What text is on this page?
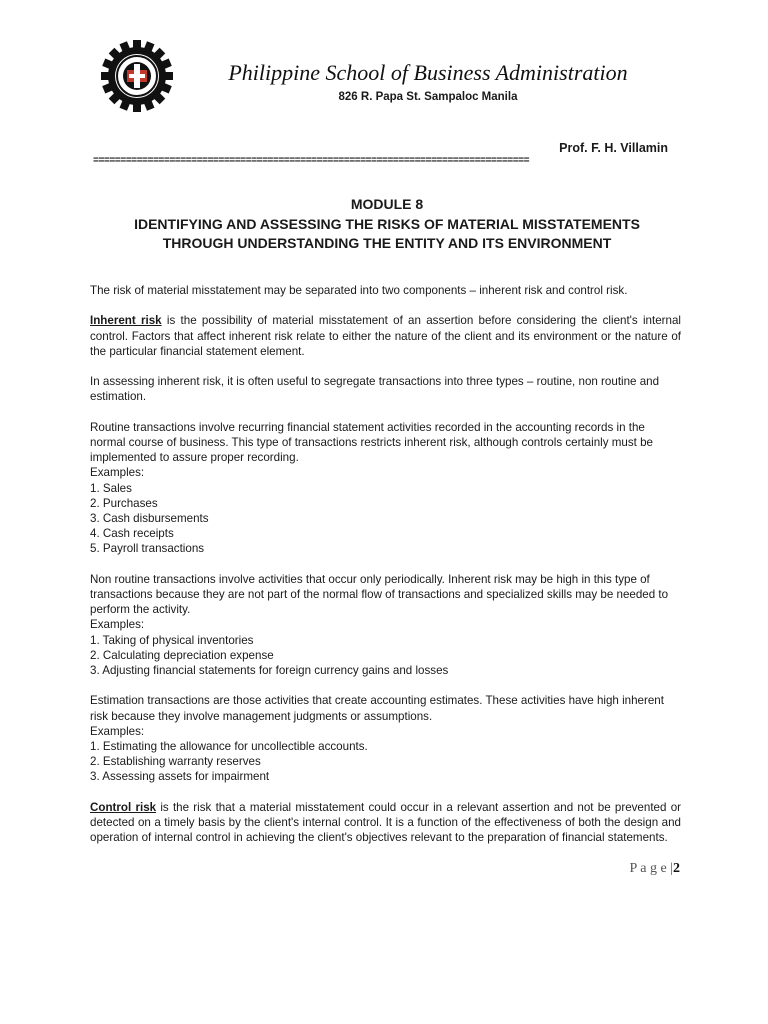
Philippine School of Business Administration
826 R. Papa St. Sampaloc Manila
Prof. F. H. Villamin
================================================================================
MODULE 8
IDENTIFYING AND ASSESSING THE RISKS OF MATERIAL MISSTATEMENTS
THROUGH UNDERSTANDING THE ENTITY AND ITS ENVIRONMENT

The risk of material misstatement may be separated into two components – inherent risk and control risk.

Inherent risk is the possibility of material misstatement of an assertion before considering the client's internal control. Factors that affect inherent risk relate to either the nature of the client and its environment or the nature of the particular financial statement element.

In assessing inherent risk, it is often useful to segregate transactions into three types – routine, non routine and estimation.

Routine transactions involve recurring financial statement activities recorded in the accounting records in the normal course of business. This type of transactions restricts inherent risk, although controls certainly must be implemented to assure proper recording.

Examples:
1. Sales
2. Purchases
3. Cash disbursements
4. Cash receipts
5. Payroll transactions

Non routine transactions involve activities that occur only periodically. Inherent risk may be high in this type of transactions because they are not part of the normal flow of transactions and specialized skills may be needed to perform the activity.

Examples:
1. Taking of physical inventories
2. Calculating depreciation expense
3. Adjusting financial statements for foreign currency gains and losses

Estimation transactions are those activities that create accounting estimates. These activities have high inherent risk because they involve management judgments or assumptions.

Examples:
1. Estimating the allowance for uncollectible accounts.
2. Establishing warranty reserves
3. Assessing assets for impairment

Control risk is the risk that a material misstatement could occur in a relevant assertion and not be prevented or detected on a timely basis by the client's internal control. It is a function of the effectiveness of both the design and operation of internal control in achieving the client's objectives relevant to the preparation of financial statements.

P a g e |2
